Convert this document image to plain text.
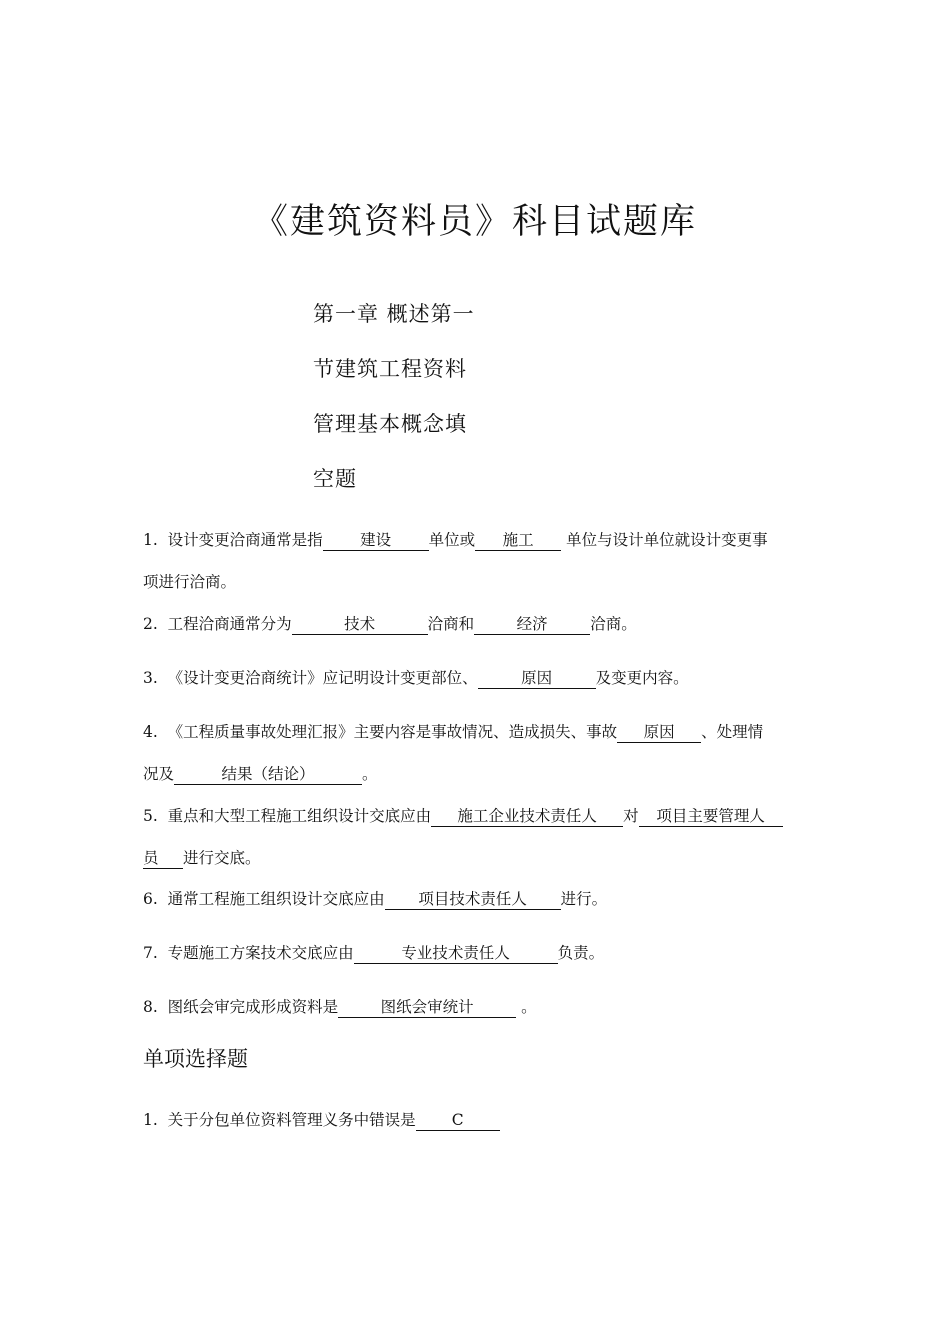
《建筑资料员》科目试题库
第一章 概述第一
节建筑工程资料
管理基本概念填
空题
1. 设计变更洽商通常是指 建设 单位或 施工 单位与设计单位就设计变更事
项进行洽商。
2. 工程洽商通常分为	技术	洽商和	经济	洽商。
3. 《设计变更洽商统计》应记明设计变更部位、	原因	及变更内容。
4. 《工程质量事故处理汇报》主要内容是事故情况、造成损失、事故 原因 、处理情
况及	结果（结论）	。
5. 重点和大型工程施工组织设计交底应由 施工企业技术责任人 对 项目主要管理人
员 进行交底。
6. 通常工程施工组织设计交底应由 项目技术责任人 进行。
7. 专题施工方案技术交底应由	专业技术责任人	负责。
8. 图纸会审完成形成资料是	图纸会审统计	。
单项选择题
1. 关于分包单位资料管理义务中错误是 C
